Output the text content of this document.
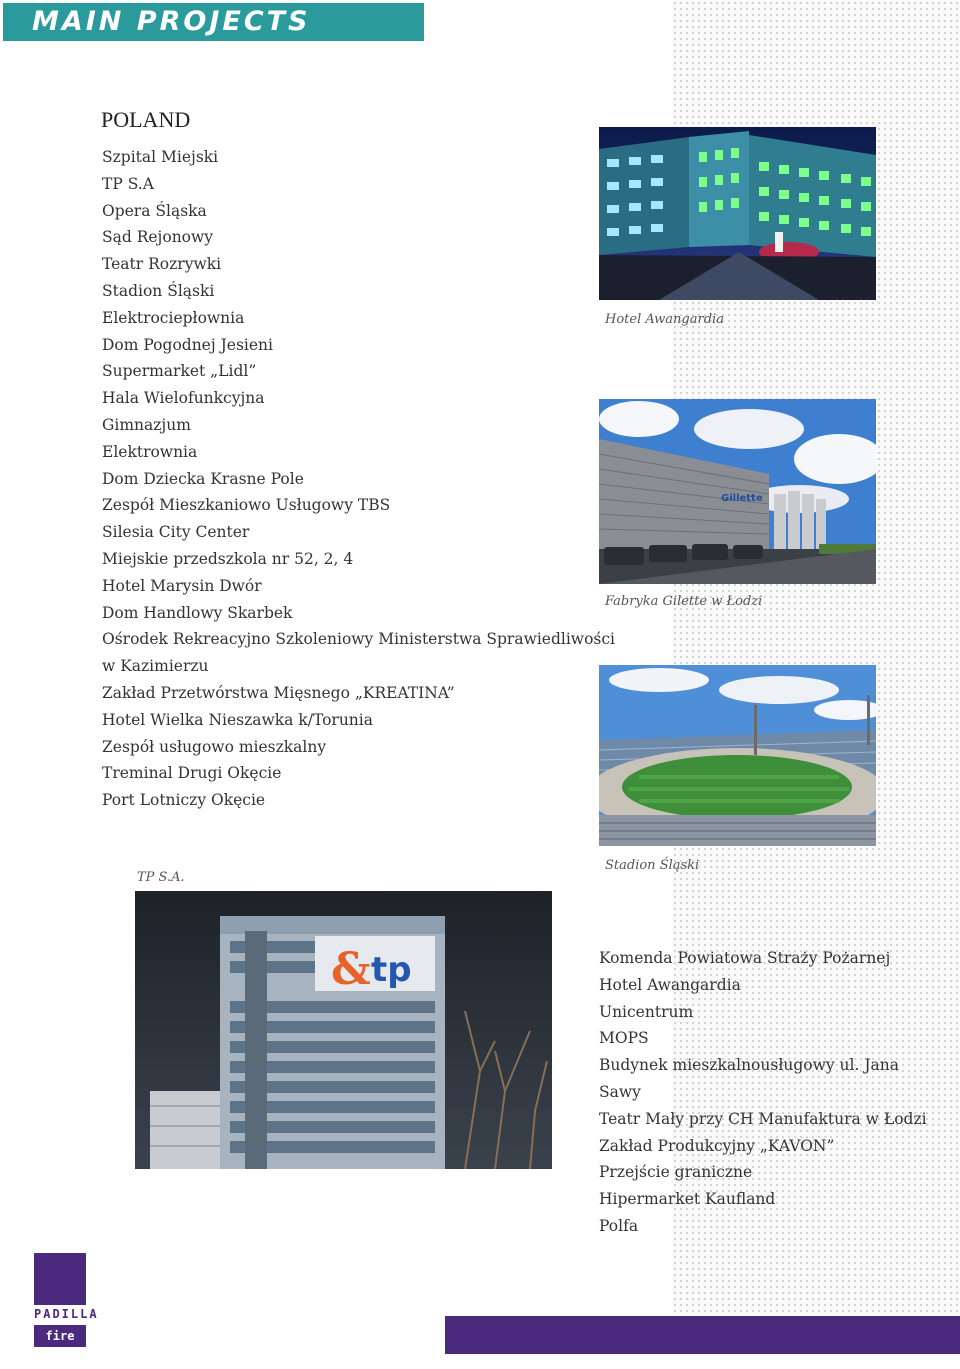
MAIN PROJECTS
POLAND
Szpital Miejski
TP S.A
Opera Śląska
Sąd Rejonowy
Teatr Rozrywki
Stadion Śląski
Elektrociepłownia
Dom Pogodnej Jesieni
Supermarket „Lidl”
Hala Wielofunkcyjna
Gimnazjum
Elektrownia
Dom Dziecka Krasne Pole
Zespół Mieszkaniowo Usługowy TBS
Silesia City Center
Miejskie przedszkola nr 52, 2, 4
Hotel Marysin Dwór
Dom Handlowy Skarbek
Ośrodek Rekreacyjno Szkoleniowy Ministerstwa Sprawiedliwości
w Kazimierzu
Zakład Przetwórstwa Mięsnego „KREATINA”
Hotel Wielka Nieszawka k/Torunia
Zespół usługowo mieszkalny
Treminal Drugi Okęcie
Port Lotniczy Okęcie
Hotel Awangardia
Gillette
Fabryka Gilette w Łodzi
Stadion Śląski
TP S.A.
& tp	Komenda Powiatowa Straży Pożarnej
Hotel Awangardia
Unicentrum
MOPS
Budynek mieszkalnousługowy ul. Jana
Sawy
Teatr Mały przy CH Manufaktura w Łodzi
Zakład Produkcyjny „KAVON”
Przejście graniczne
Hipermarket Kaufland
Polfa
®
PADILLA
fire doors
